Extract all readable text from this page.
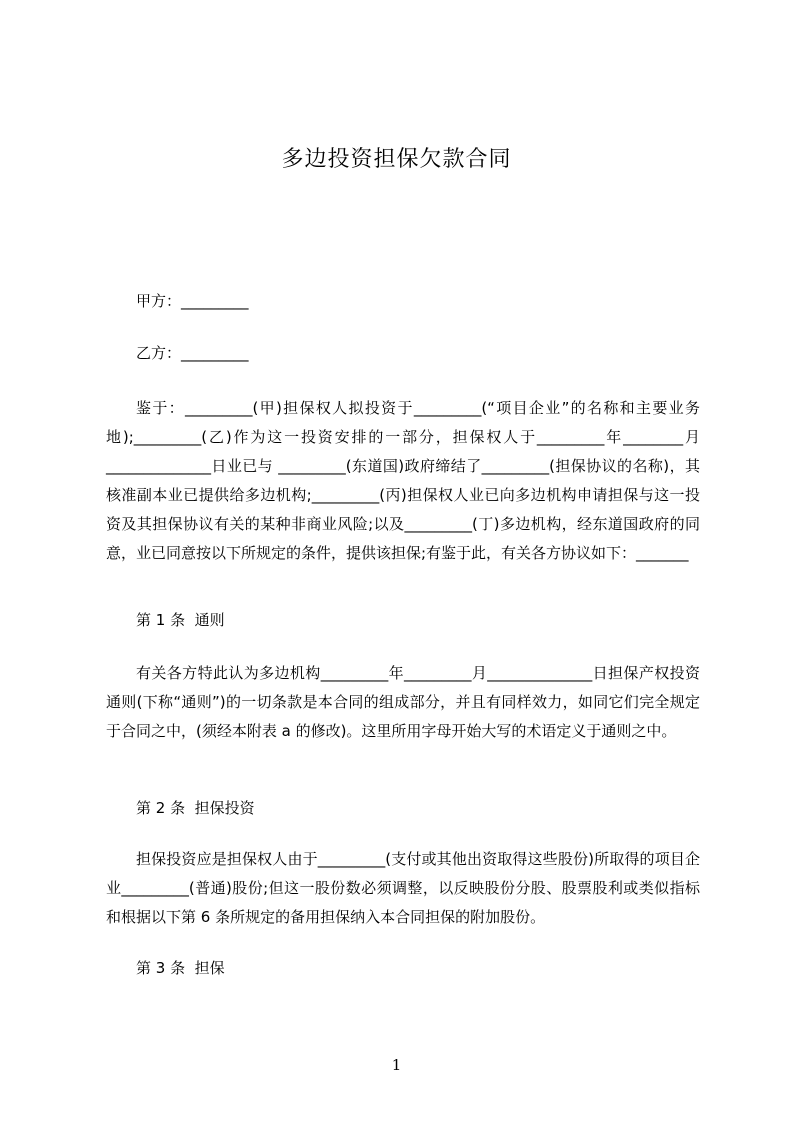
多边投资担保欠款合同
甲方：_________
乙方：_________
鉴于：_________(甲)担保权人拟投资于_________(“项目企业”的名称和主要业务地);_________(乙)作为这一投资安排的一部分，担保权人于_________年________月______________日业已与 _________(东道国)政府缔结了_________(担保协议的名称)，其核准副本业已提供给多边机构;_________(丙)担保权人业已向多边机构申请担保与这一投资及其担保协议有关的某种非商业风险;以及_________(丁)多边机构，经东道国政府的同意，业已同意按以下所规定的条件，提供该担保;有鉴于此，有关各方协议如下：_______
第 1 条  通则
有关各方特此认为多边机构_________年_________月______________日担保产权投资通则(下称“通则”)的一切条款是本合同的组成部分，并且有同样效力，如同它们完全规定于合同之中，(须经本附表 a 的修改)。这里所用字母开始大写的术语定义于通则之中。
第 2 条  担保投资
担保投资应是担保权人由于_________(支付或其他出资取得这些股份)所取得的项目企业_________(普通)股份;但这一股份数必须调整，以反映股份分股、股票股利或类似指标和根据以下第 6 条所规定的备用担保纳入本合同担保的附加股份。
第 3 条  担保
1
